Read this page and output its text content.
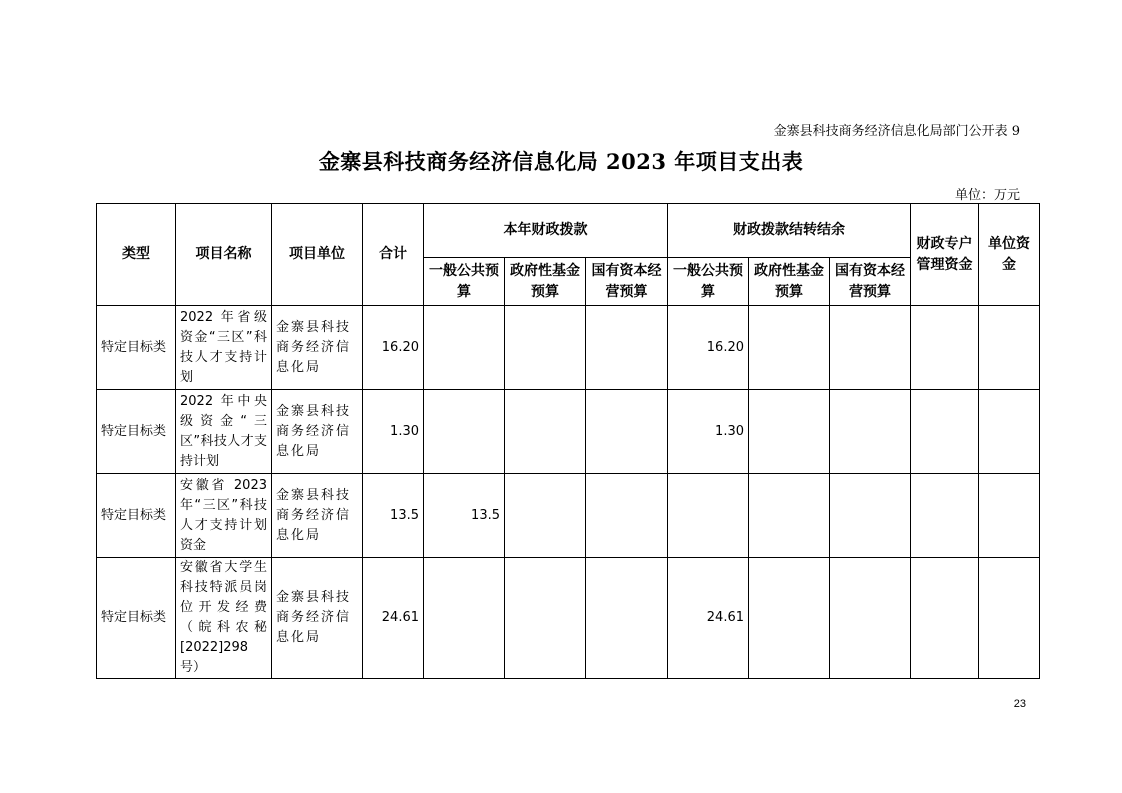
金寨县科技商务经济信息化局部门公开表 9
金寨县科技商务经济信息化局 2023 年项目支出表
单位：万元
类型	项目名称	项目单位	合计	本年财政拨款			财政拨款结转结余			财政专户管理资金	单位资金
				一般公共预算	政府性基金预算	国有资本经营预算	一般公共预算	政府性基金预算	国有资本经营预算		
特定目标类	2022 年省级资金“三区”科技人才支持计划	金寨县科技商务经济信息化局	16.20				16.20				
特定目标类	2022 年中央级资金“三区”科技人才支持计划	金寨县科技商务经济信息化局	1.30				1.30				
特定目标类	安徽省 2023 年“三区”科技人才支持计划资金	金寨县科技商务经济信息化局	13.5	13.5							
特定目标类	安徽省大学生科技特派员岗位开发经费（皖科农秘[2022]298 号）	金寨县科技商务经济信息化局	24.61				24.61				
23
